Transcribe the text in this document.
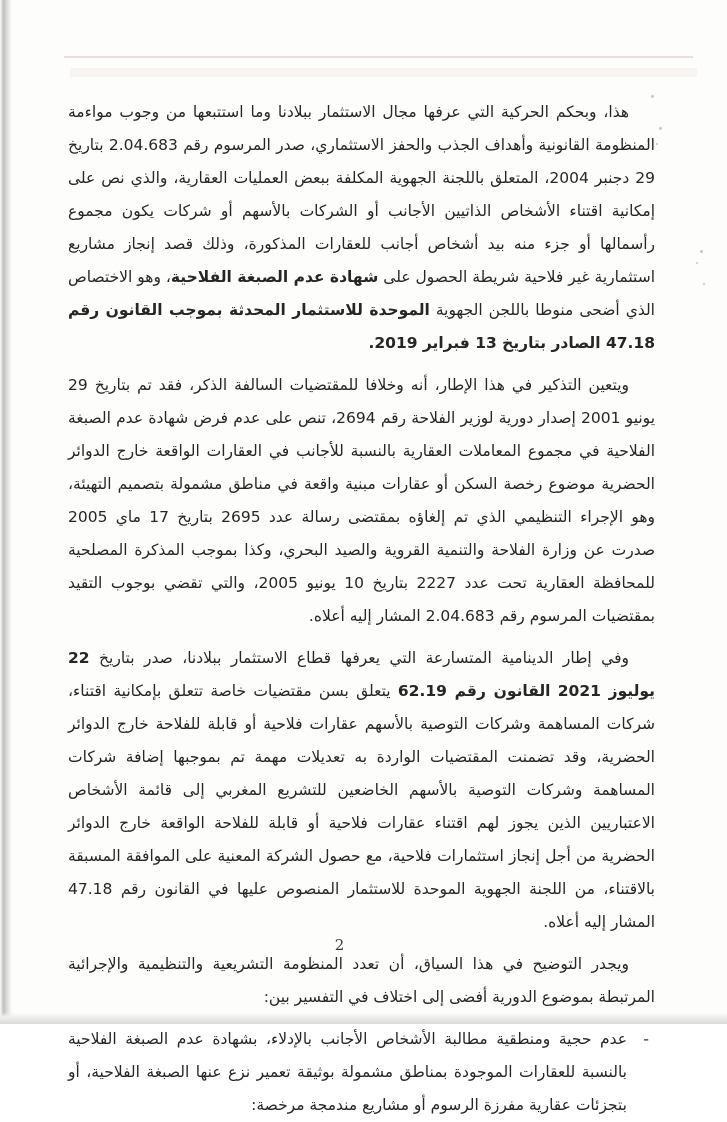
هذا، وبحكم الحركية التي عرفها مجال الاستثمار ببلادنا وما استتبعها من وجوب مواءمة المنظومة القانونية وأهداف الجذب والحفز الاستثماري، صدر المرسوم رقم 2.04.683 بتاريخ 29 دجنبر 2004، المتعلق باللجنة الجهوية المكلفة ببعض العمليات العقارية، والذي نص على إمكانية اقتناء الأشخاص الذاتيين الأجانب أو الشركات بالأسهم أو شركات يكون مجموع رأسمالها أو جزء منه بيد أشخاص أجانب للعقارات المذكورة، وذلك قصد إنجاز مشاريع استثمارية غير فلاحية شريطة الحصول على شهادة عدم الصبغة الفلاحية، وهو الاختصاص الذي أضحى منوطا باللجن الجهوية الموحدة للاستثمار المحدثة بموجب القانون رقم 47.18 الصادر بتاريخ 13 فبراير 2019.
ويتعين التذكير في هذا الإطار، أنه وخلافا للمقتضيات السالفة الذكر، فقد تم بتاريخ 29 يونيو 2001 إصدار دورية لوزير الفلاحة رقم 2694، تنص على عدم فرض شهادة عدم الصبغة الفلاحية في مجموع المعاملات العقارية بالنسبة للأجانب في العقارات الواقعة خارج الدوائر الحضرية موضوع رخصة السكن أو عقارات مبنية واقعة في مناطق مشمولة بتصميم التهيئة، وهو الإجراء التنظيمي الذي تم إلغاؤه بمقتضى رسالة عدد 2695 بتاريخ 17 ماي 2005 صدرت عن وزارة الفلاحة والتنمية القروية والصيد البحري، وكذا بموجب المذكرة المصلحية للمحافظة العقارية تحت عدد 2227 بتاريخ 10 يونيو 2005، والتي تقضي بوجوب التقيد بمقتضيات المرسوم رقم 2.04.683 المشار إليه أعلاه.
وفي إطار الدينامية المتسارعة التي يعرفها قطاع الاستثمار ببلادنا، صدر بتاريخ 22 يوليوز 2021 القانون رقم 62.19 يتعلق بسن مقتضيات خاصة تتعلق بإمكانية اقتناء، شركات المساهمة وشركات التوصية بالأسهم عقارات فلاحية أو قابلة للفلاحة خارج الدوائر الحضرية، وقد تضمنت المقتضيات الواردة به تعديلات مهمة تم بموجبها إضافة شركات المساهمة وشركات التوصية بالأسهم الخاضعين للتشريع المغربي إلى قائمة الأشخاص الاعتباريين الذين يجوز لهم اقتناء عقارات فلاحية أو قابلة للفلاحة الواقعة خارج الدوائر الحضرية من أجل إنجاز استثمارات فلاحية، مع حصول الشركة المعنية على الموافقة المسبقة بالاقتناء، من اللجنة الجهوية الموحدة للاستثمار المنصوص عليها في القانون رقم 47.18 المشار إليه أعلاه.
ويجدر التوضيح في هذا السياق، أن تعدد المنظومة التشريعية والتنظيمية والإجرائية المرتبطة بموضوع الدورية أفضى إلى اختلاف في التفسير بين:
-
عدم حجية ومنطقية مطالبة الأشخاص الأجانب بالإدلاء، بشهادة عدم الصبغة الفلاحية بالنسبة للعقارات الموجودة بمناطق مشمولة بوثيقة تعمير نزع عنها الصبغة الفلاحية، أو بتجزئات عقارية مفرزة الرسوم أو مشاريع مندمجة مرخصة:
2
